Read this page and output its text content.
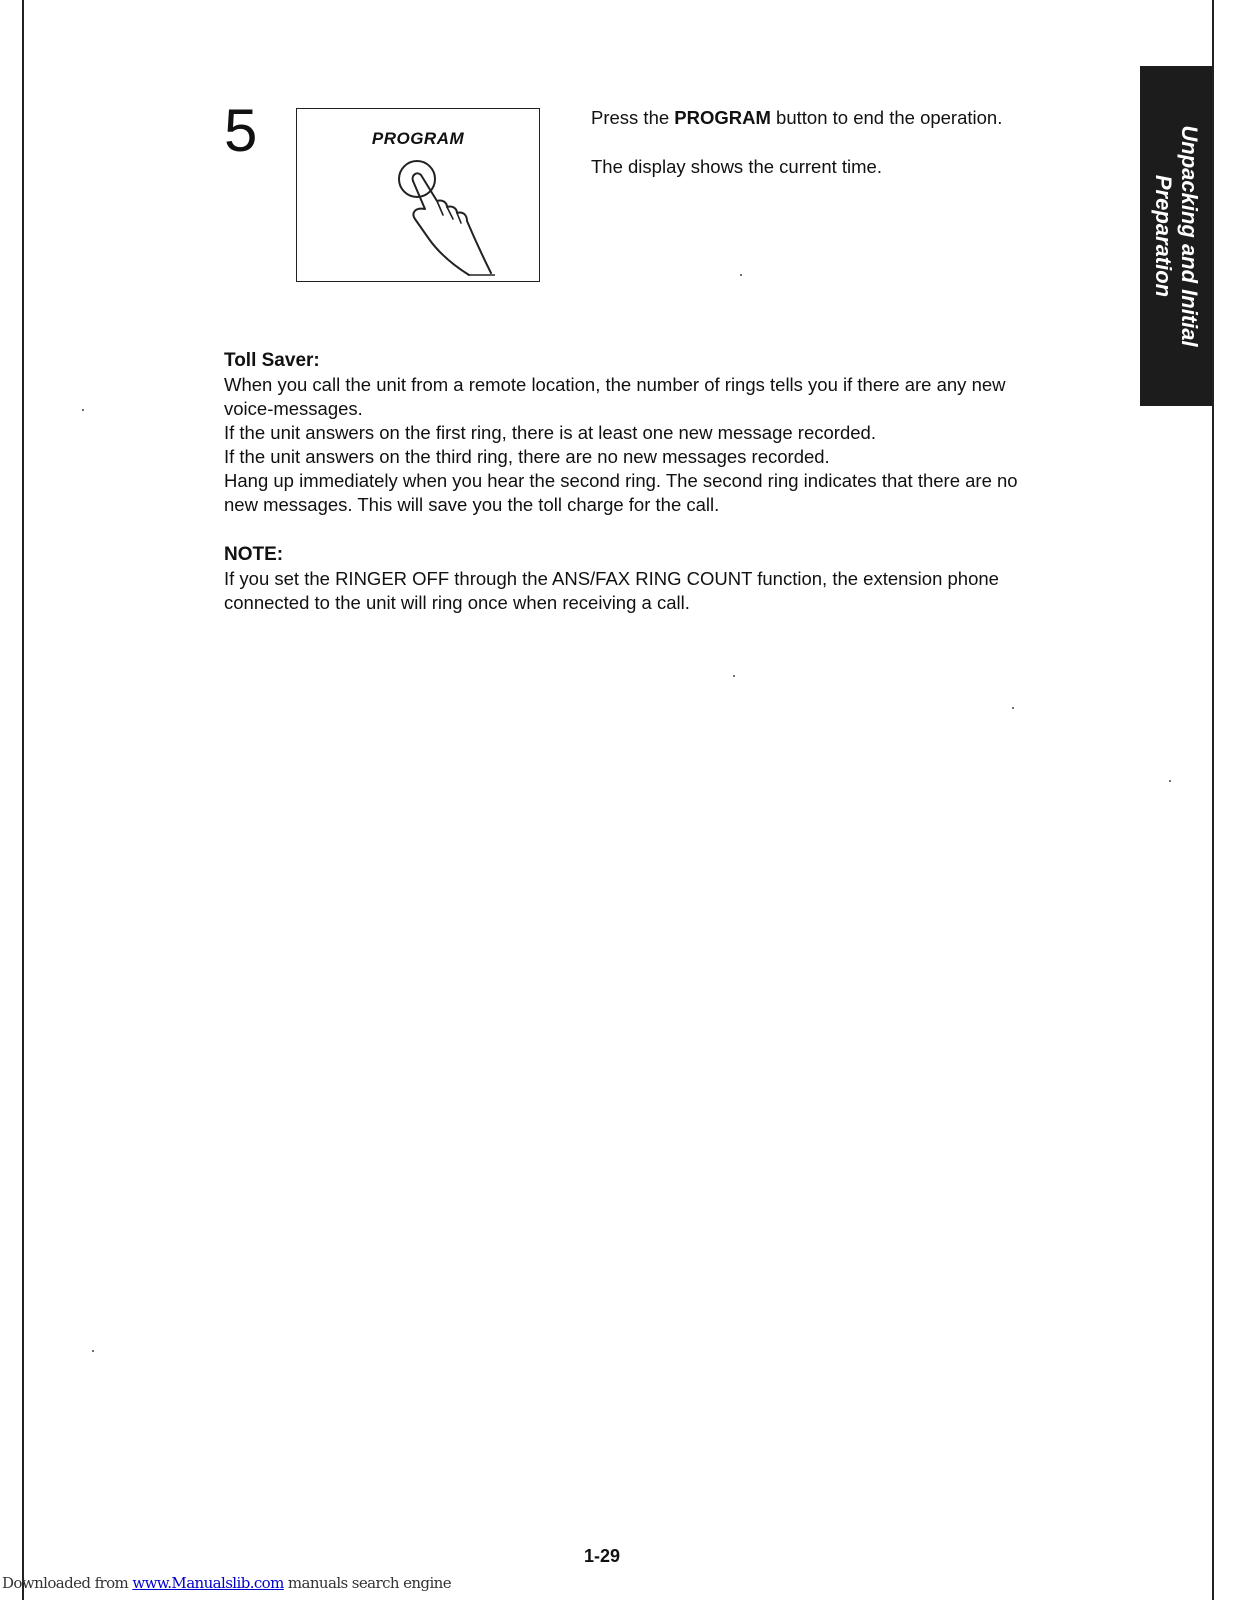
Unpacking and Initial
Preparation
5	PROGRAM
Press the PROGRAM button to end the operation.
The display shows the current time.
Toll Saver:
When you call the unit from a remote location, the number of rings tells you if there are any new
voice-messages.
If the unit answers on the first ring, there is at least one new message recorded.
If the unit answers on the third ring, there are no new messages recorded.
Hang up immediately when you hear the second ring. The second ring indicates that there are no
new messages. This will save you the toll charge for the call.
NOTE:
If you set the RINGER OFF through the ANS/FAX RING COUNT function, the extension phone
connected to the unit will ring once when receiving a call.
1-29
Downloaded from www.Manualslib.com manuals search engine
